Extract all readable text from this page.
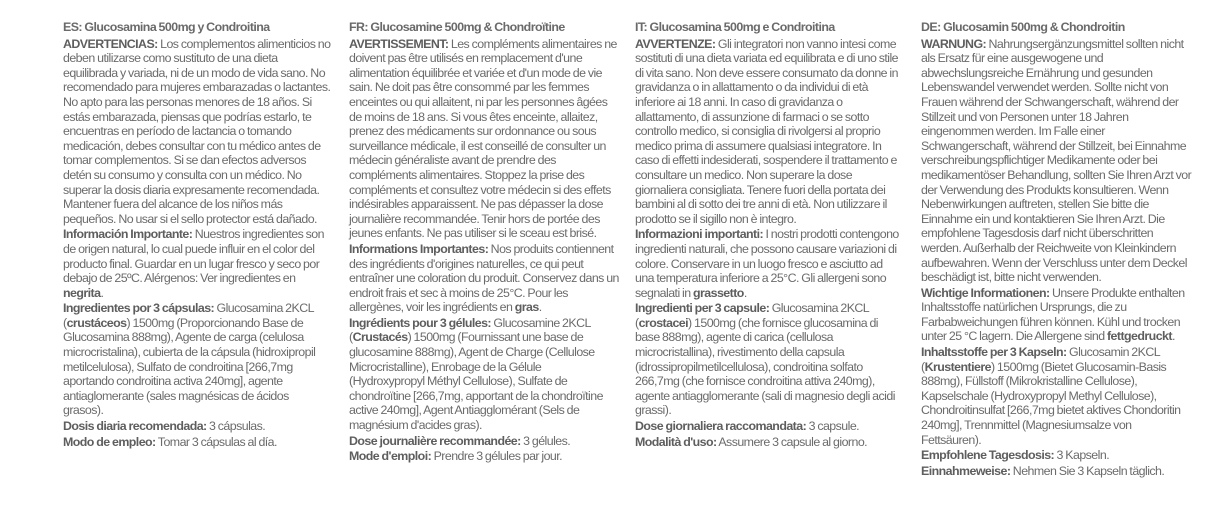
ES: Glucosamina 500mg y Condroitina

ADVERTENCIAS: Los complementos alimenticios no deben utilizarse como sustituto de una dieta equilibrada y variada, ni de un modo de vida sano. No recomendado para mujeres embarazadas o lactantes. No apto para las personas menores de 18 años. Si estás embarazada, piensas que podrías estarlo, te encuentras en período de lactancia o tomando medicación, debes consultar con tu médico antes de tomar complementos. Si se dan efectos adversos detén su consumo y consulta con un médico. No superar la dosis diaria expresamente recomendada. Mantener fuera del alcance de los niños más pequeños. No usar si el sello protector está dañado.

Información Importante: Nuestros ingredientes son de origen natural, lo cual puede influir en el color del producto final. Guardar en un lugar fresco y seco por debajo de 25ºC. Alérgenos: Ver ingredientes en negrita.

Ingredientes por 3 cápsulas: Glucosamina 2KCL (crustáceos) 1500mg (Proporcionando Base de Glucosamina 888mg), Agente de carga (celulosa microcristalina), cubierta de la cápsula (hidroxipropil metilcelulosa), Sulfato de condroitina [266,7mg aportando condroitina activa 240mg], agente antiaglomerante (sales magnésicas de ácidos grasos).

Dosis diaria recomendada: 3 cápsulas.

Modo de empleo: Tomar 3 cápsulas al día.

FR: Glucosamine 500mg & Chondroïtine

AVERTISSEMENT: Les compléments alimentaires ne doivent pas être utilisés en remplacement d'une alimentation équilibrée et variée et d'un mode de vie sain. Ne doit pas être consommé par les femmes enceintes ou qui allaitent, ni par les personnes âgées de moins de 18 ans. Si vous êtes enceinte, allaitez, prenez des médicaments sur ordonnance ou sous surveillance médicale, il est conseillé de consulter un médecin généraliste avant de prendre des compléments alimentaires. Stoppez la prise des compléments et consultez votre médecin si des effets indésirables apparaissent. Ne pas dépasser la dose journalière recommandée. Tenir hors de portée des jeunes enfants. Ne pas utiliser si le sceau est brisé.

Informations Importantes: Nos produits contiennent des ingrédients d'origines naturelles, ce qui peut entraîner une coloration du produit. Conservez dans un endroit frais et sec à moins de 25°C. Pour les allergènes, voir les ingrédients en gras.

Ingrédients pour 3 gélules: Glucosamine 2KCL (Crustacés) 1500mg (Fournissant une base de glucosamine 888mg), Agent de Charge (Cellulose Microcristalline), Enrobage de la Gélule (Hydroxypropyl Méthyl Cellulose), Sulfate de chondroïtine [266,7mg, apportant de la chondroïtine active 240mg], Agent Antiagglomérant (Sels de magnésium d'acides gras).

Dose journalière recommandée: 3 gélules.

Mode d'emploi: Prendre 3 gélules par jour.

IT: Glucosamina 500mg e Condroitina

AVVERTENZE: Gli integratori non vanno intesi come sostituti di una dieta variata ed equilibrata e di uno stile di vita sano. Non deve essere consumato da donne in gravidanza o in allattamento o da individui di età inferiore ai 18 anni. In caso di gravidanza o allattamento, di assunzione di farmaci o se sotto controllo medico, si consiglia di rivolgersi al proprio medico prima di assumere qualsiasi integratore. In caso di effetti indesiderati, sospendere il trattamento e consultare un medico. Non superare la dose giornaliera consigliata. Tenere fuori della portata dei bambini al di sotto dei tre anni di età. Non utilizzare il prodotto se il sigillo non è integro.

Informazioni importanti: I nostri prodotti contengono ingredienti naturali, che possono causare variazioni di colore. Conservare in un luogo fresco e asciutto ad una temperatura inferiore a 25°C. Gli allergeni sono segnalati in grassetto.

Ingredienti per 3 capsule: Glucosamina 2KCL (crostacei) 1500mg (che fornisce glucosamina di base 888mg), agente di carica (cellulosa microcristallina), rivestimento della capsula (idrossipropilmetilcellulosa), condroitina solfato 266,7mg (che fornisce condroitina attiva 240mg), agente antiagglomerante (sali di magnesio degli acidi grassi).

Dose giornaliera raccomandata: 3 capsule.

Modalità d'uso: Assumere 3 capsule al giorno.

DE: Glucosamin 500mg & Chondroitin

WARNUNG: Nahrungsergänzungsmittel sollten nicht als Ersatz für eine ausgewogene und abwechslungsreiche Ernährung und gesunden Lebenswandel verwendet werden. Sollte nicht von Frauen während der Schwangerschaft, während der Stillzeit und von Personen unter 18 Jahren eingenommen werden. Im Falle einer Schwangerschaft, während der Stillzeit, bei Einnahme verschreibungspflichtiger Medikamente oder bei medikamentöser Behandlung, sollten Sie Ihren Arzt vor der Verwendung des Produkts konsultieren. Wenn Nebenwirkungen auftreten, stellen Sie bitte die Einnahme ein und kontaktieren Sie Ihren Arzt. Die empfohlene Tagesdosis darf nicht überschritten werden. Außerhalb der Reichweite von Kleinkindern aufbewahren. Wenn der Verschluss unter dem Deckel beschädigt ist, bitte nicht verwenden.

Wichtige Informationen: Unsere Produkte enthalten Inhaltsstoffe natürlichen Ursprungs, die zu Farbabweichungen führen können. Kühl und trocken unter 25 °C lagern. Die Allergene sind fettgedruckt.

Inhaltsstoffe per 3 Kapseln: Glucosamin 2KCL (Krustentiere) 1500mg (Bietet Glucosamin-Basis 888mg), Füllstoff (Mikrokristalline Cellulose), Kapselschale (Hydroxypropyl Methyl Cellulose), Chondroitinsulfat [266,7mg bietet aktives Chondoritin 240mg], Trennmittel (Magnesiumsalze von Fettsäuren).

Empfohlene Tagesdosis: 3 Kapseln.

Einnahmeweise: Nehmen Sie 3 Kapseln täglich.
